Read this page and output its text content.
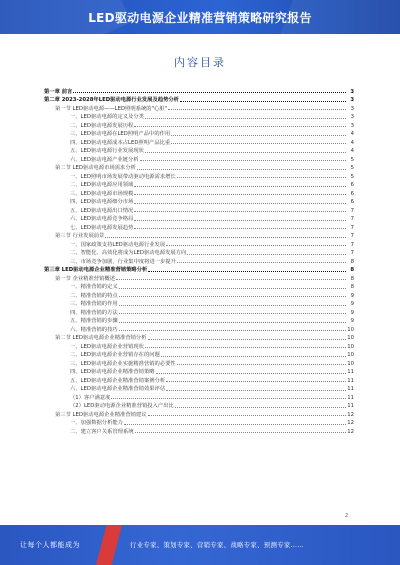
LED驱动电源企业精准营销策略研究报告
内容目录
第一章 前言	3
第二章 2023-2028年LED驱动电源行业发展及趋势分析	3
第一节 LED驱动电源——LED照明系统的"心脏"	3
一、LED驱动电源的定义及分类	3
二、LED驱动电源发展历程	3
三、LED驱动电源在LED照明产品中的作用	4
四、LED驱动电源成本占LED照明产品比重	4
五、LED驱动电源行业发展现状	4
六、LED驱动电源产业链分析	5
第二节 LED驱动电源市场需求分析	5
一、LED照明市场发展带动驱动电源需求增长	5
二、LED驱动电源应用领域	6
三、LED驱动电源市场规模	6
四、LED驱动电源细分市场	6
五、LED驱动电源出口情况	7
六、LED驱动电源竞争格局	7
七、LED驱动电源发展趋势	7
第三节 行业发展前景	7
一、国家政策支持LED驱动电源行业发展	7
二、智能化、高效化将成为LED驱动电源发展方向	7
三、市场竞争加剧，行业集中度将进一步提升	8
第三章 LED驱动电源企业精准营销策略分析	8
第一节 企业精准营销概述	8
一、精准营销的定义	8
二、精准营销的特点	9
三、精准营销的作用	9
四、精准营销的方法	9
五、精准营销的步骤	9
六、精准营销的技巧	10
第二节 LED驱动电源企业精准营销分析	10
一、LED驱动电源企业营销现状	10
二、LED驱动电源企业营销存在的问题	10
三、LED驱动电源企业实施精准营销的必要性	10
四、LED驱动电源企业精准营销策略	11
五、LED驱动电源企业精准营销案例分析	11
六、LED驱动电源企业精准营销效果评估	11
（1）客户满意度	11
（2）LED驱动电源企业精准营销投入产出比	11
第三节 LED驱动电源企业精准营销建议	12
一、加强数据分析能力	12
二、建立客户关系管理系统	12
2
让每个人都能成为	行业专家、策划专家、营销专家、战略专家、预测专家……
